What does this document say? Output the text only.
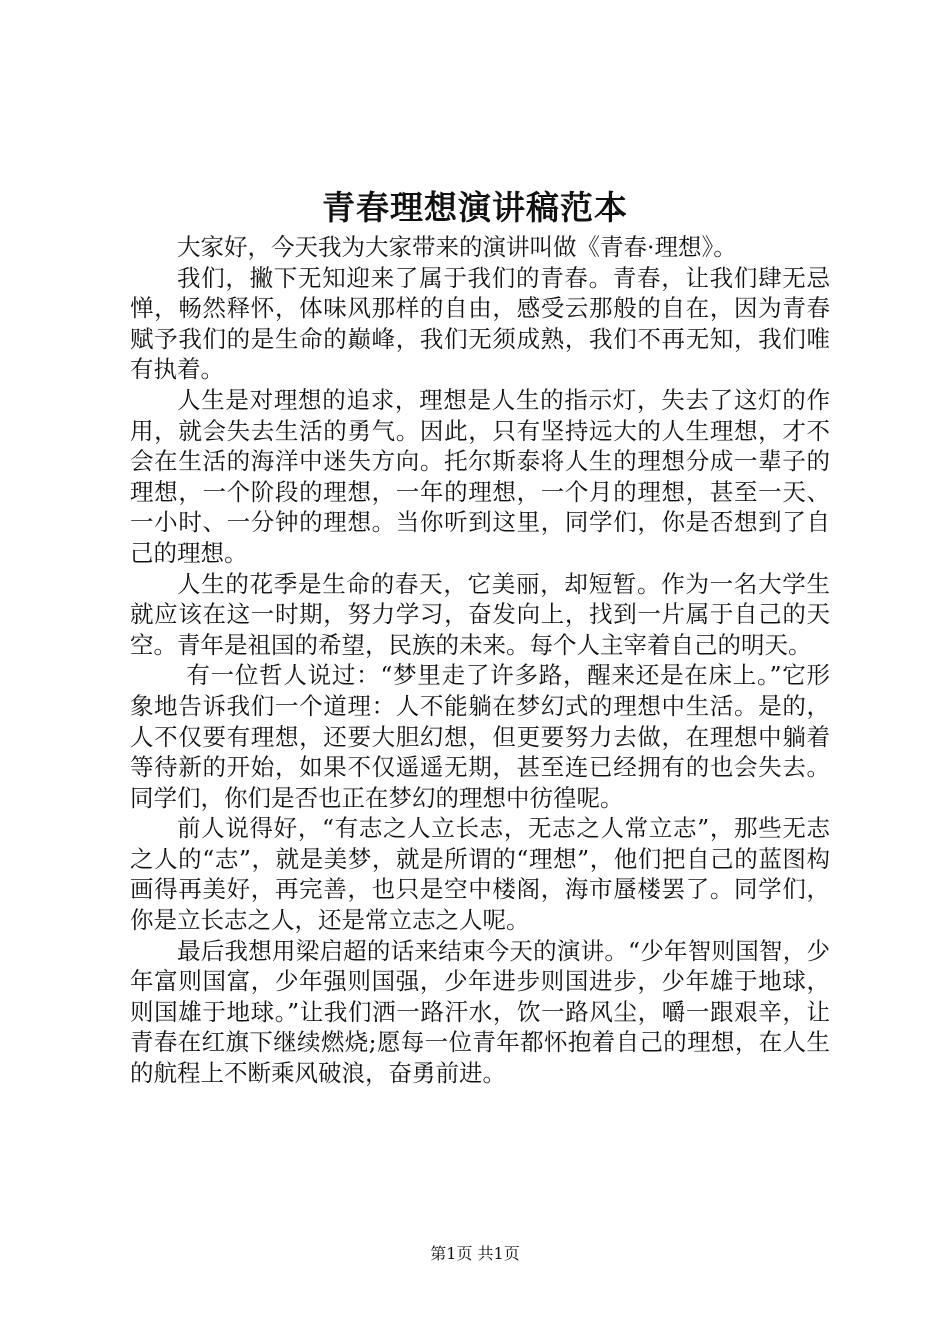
青春理想演讲稿范本

大家好，今天我为大家带来的演讲叫做《青春·理想》。

我们，撇下无知迎来了属于我们的青春。青春，让我们肆无忌惮，畅然释怀，体味风那样的自由，感受云那般的自在，因为青春赋予我们的是生命的巅峰，我们无须成熟，我们不再无知，我们唯有执着。

人生是对理想的追求，理想是人生的指示灯，失去了这灯的作用，就会失去生活的勇气。因此，只有坚持远大的人生理想，才不会在生活的海洋中迷失方向。托尔斯泰将人生的理想分成一辈子的理想，一个阶段的理想，一年的理想，一个月的理想，甚至一天、一小时、一分钟的理想。当你听到这里，同学们，你是否想到了自己的理想。

人生的花季是生命的春天，它美丽，却短暂。作为一名大学生就应该在这一时期，努力学习，奋发向上，找到一片属于自己的天空。青年是祖国的希望，民族的未来。每个人主宰着自己的明天。

有一位哲人说过：“梦里走了许多路，醒来还是在床上。”它形象地告诉我们一个道理：人不能躺在梦幻式的理想中生活。是的，人不仅要有理想，还要大胆幻想，但更要努力去做，在理想中躺着等待新的开始，如果不仅遥遥无期，甚至连已经拥有的也会失去。同学们，你们是否也正在梦幻的理想中彷徨呢。

前人说得好，“有志之人立长志，无志之人常立志”，那些无志之人的“志”，就是美梦，就是所谓的“理想”，他们把自己的蓝图构画得再美好，再完善，也只是空中楼阁，海市蜃楼罢了。同学们，你是立长志之人，还是常立志之人呢。

最后我想用梁启超的话来结束今天的演讲。“少年智则国智，少年富则国富，少年强则国强，少年进步则国进步，少年雄于地球，则国雄于地球。”让我们洒一路汗水，饮一路风尘，嚼一跟艰辛，让青春在红旗下继续燃烧;愿每一位青年都怀抱着自己的理想，在人生的航程上不断乘风破浪，奋勇前进。

第1页 共1页
